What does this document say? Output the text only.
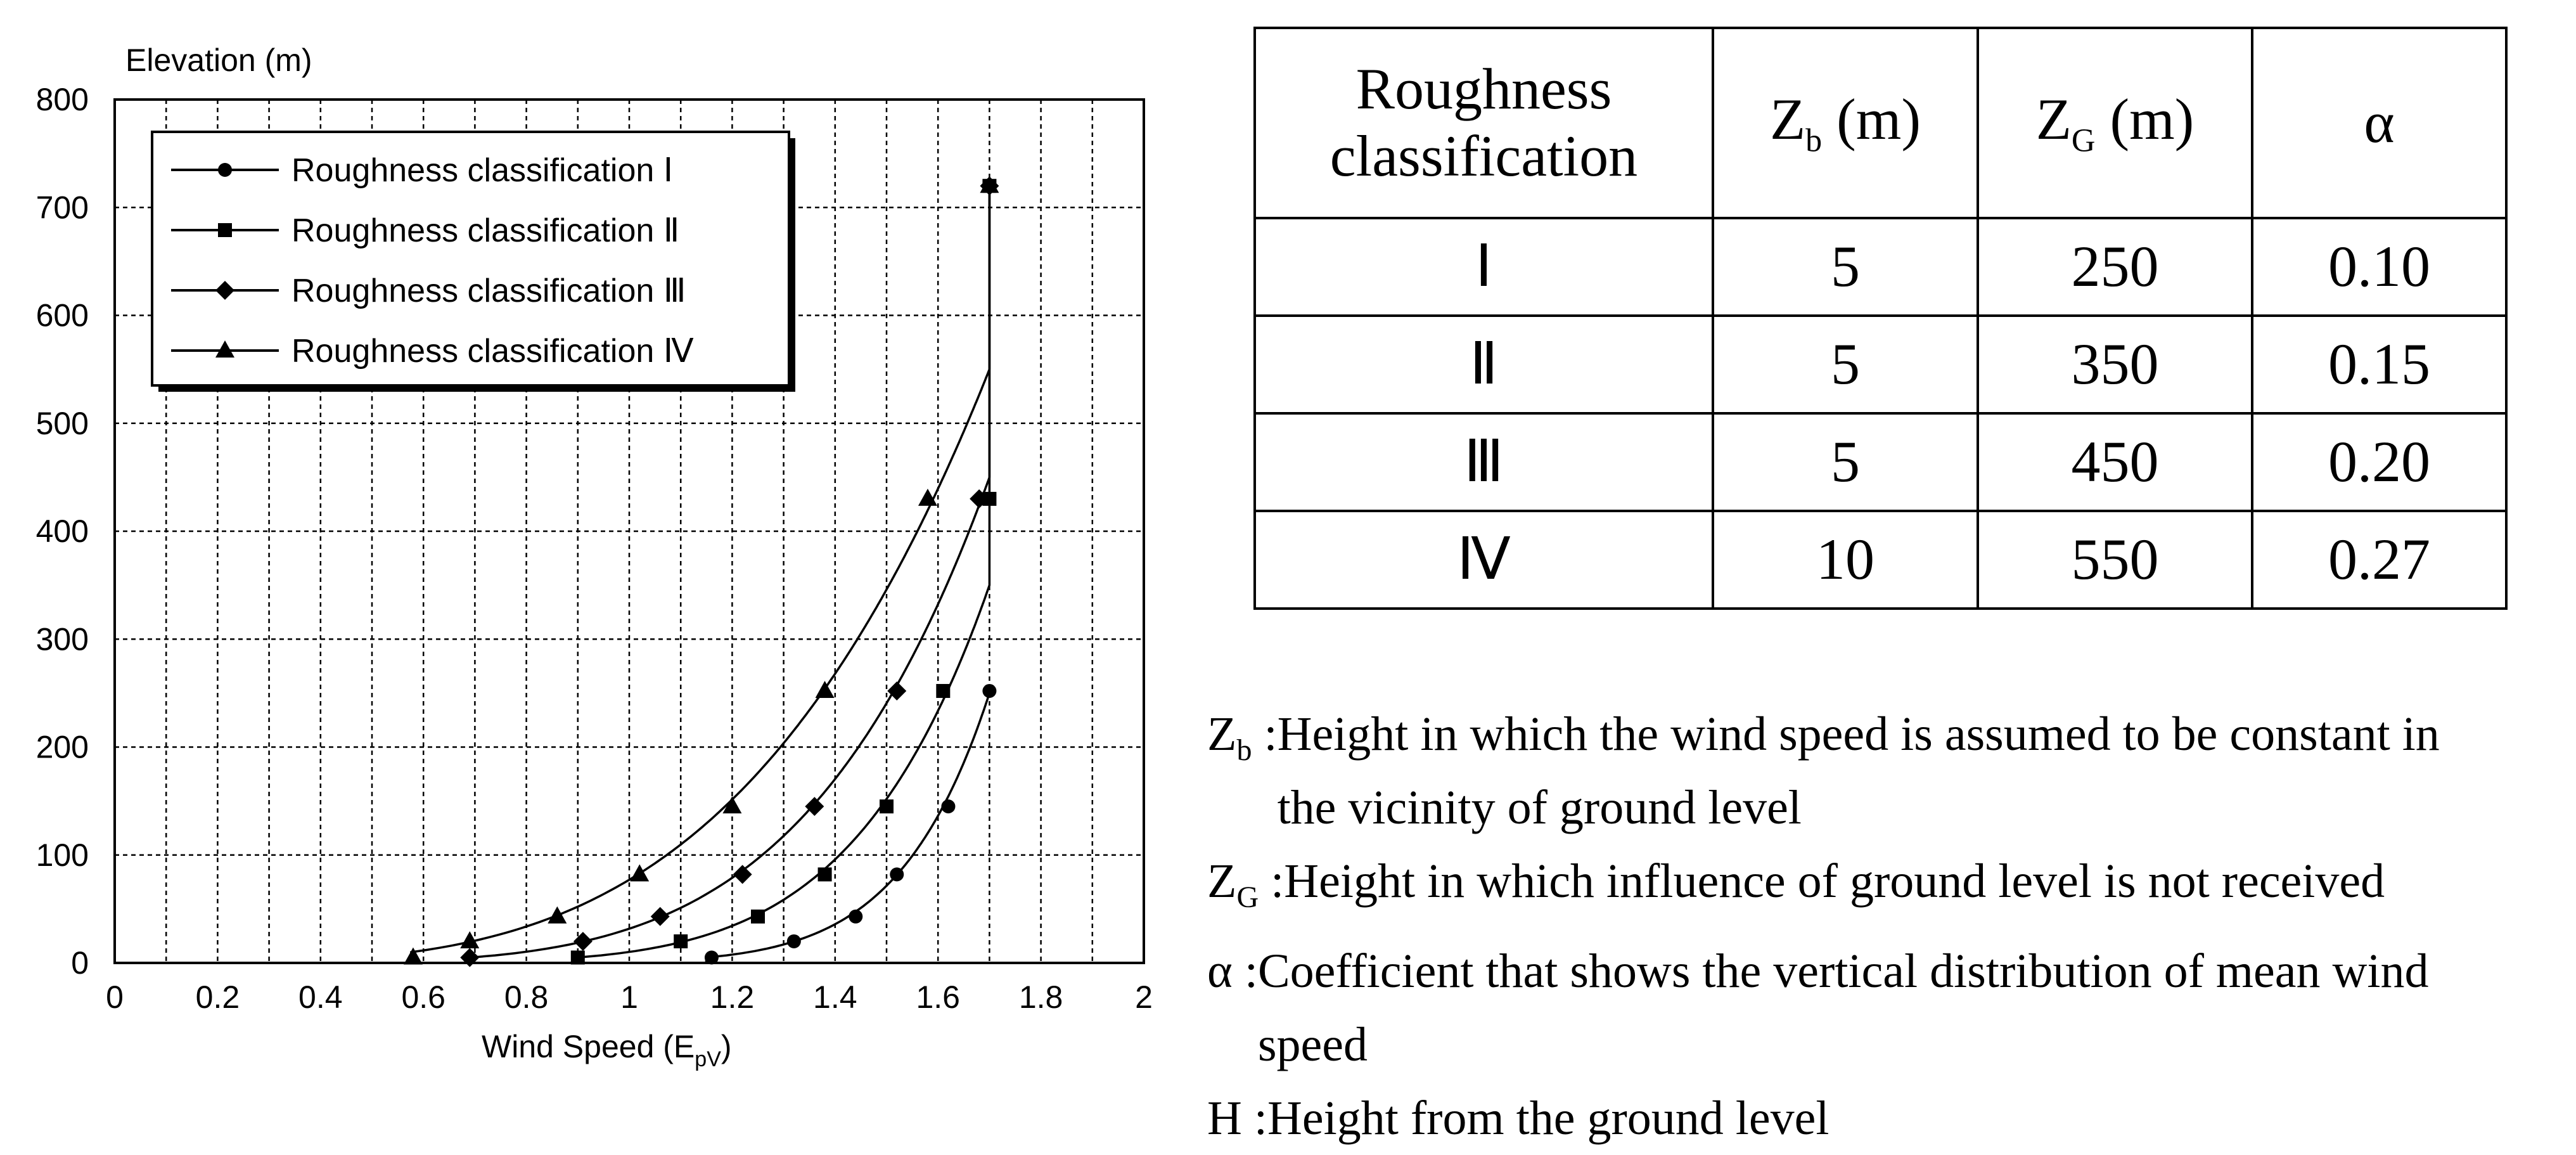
0 0.2 0.4 0.6 0.8 1 1.2 1.4 1.6 1.8 2
0
100
200
300
400
500
600
700
800
Elevation (m)
Wind Speed $(E_{pV})$
Roughness classification Ⅰ
Roughness classification Ⅱ
Roughness classification Ⅲ
Roughness classification Ⅳ
Roughness classification	$Z_b$ (m)	$Z_G$ (m)	α
Ⅰ	5	250	0.10
Ⅱ	5	350	0.15
Ⅲ	5	450	0.20
Ⅳ	10	550	0.27
$Z_b$ : Height in which the wind speed is assumed to be constant in the vicinity of ground level
$Z_G$ : Height in which influence of ground level is not received
α : Coefficient that shows the vertical distribution of mean wind speed
H : Height from the ground level
